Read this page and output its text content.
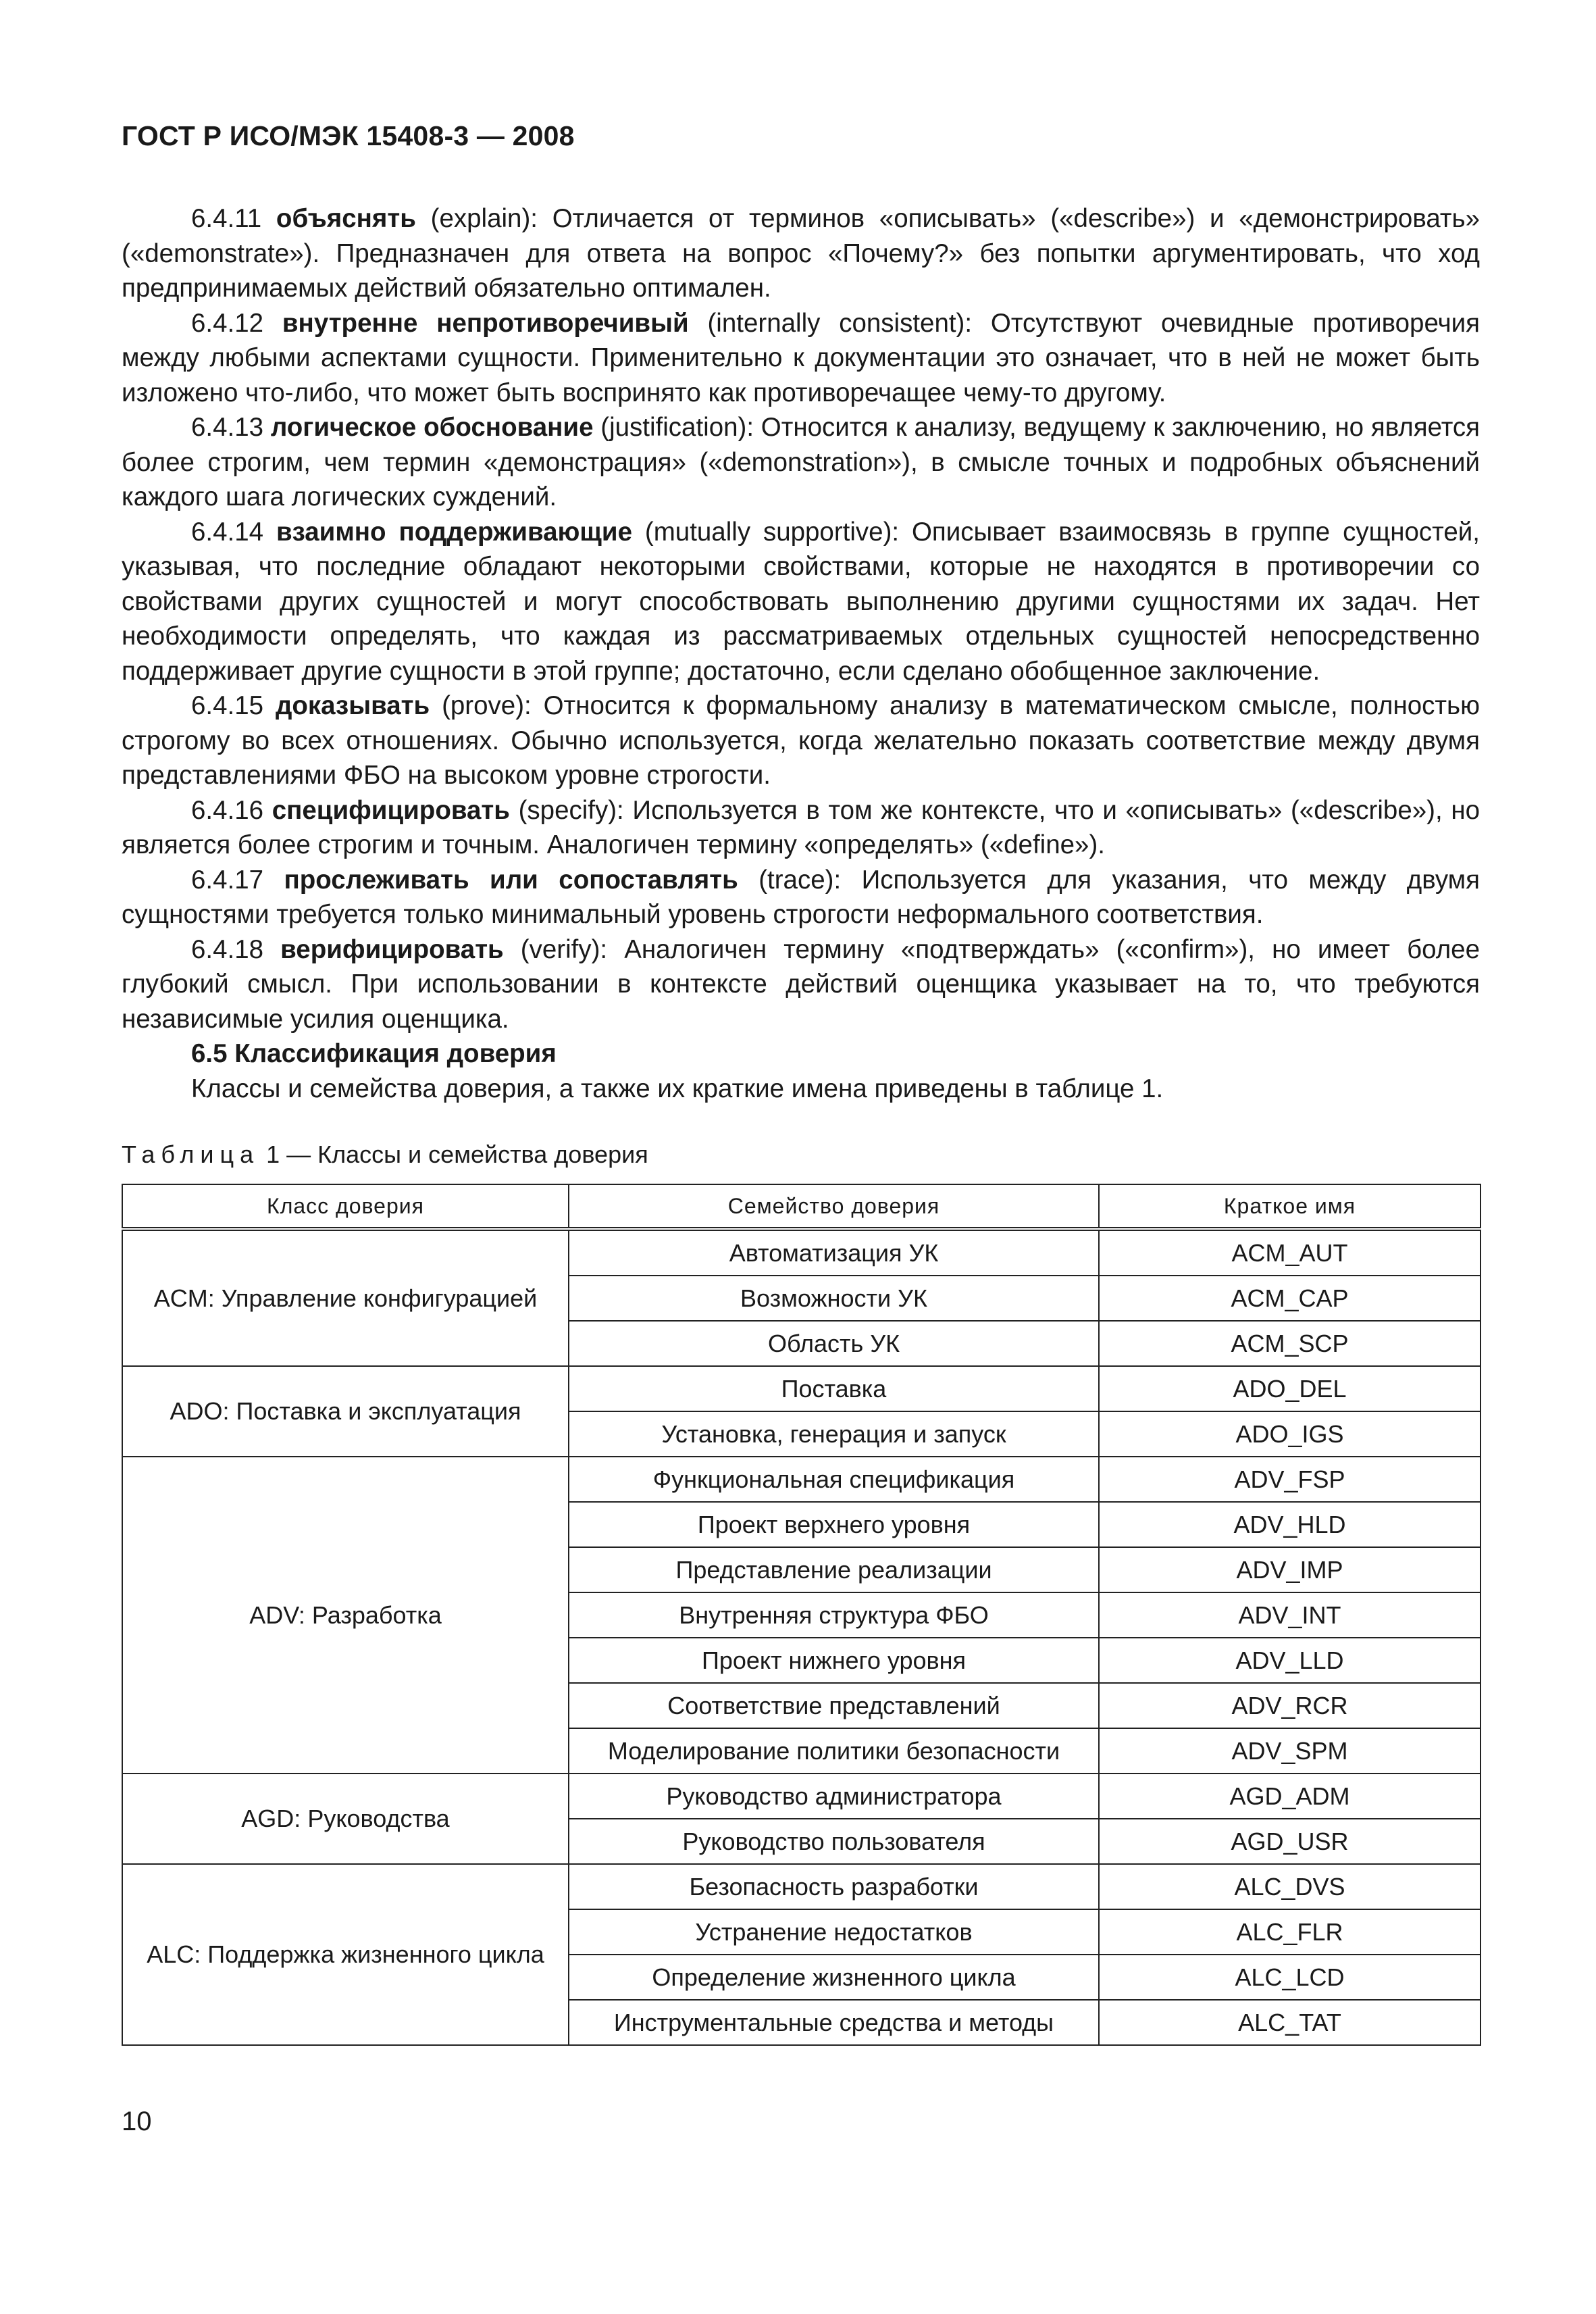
ГОСТ Р ИСО/МЭК 15408-3 — 2008

6.4.11 объяснять (explain): Отличается от терминов «описывать» («describe») и «демонстрировать» («demonstrate»). Предназначен для ответа на вопрос «Почему?» без попытки аргументировать, что ход предпринимаемых действий обязательно оптимален.

6.4.12 внутренне непротиворечивый (internally consistent): Отсутствуют очевидные противоречия между любыми аспектами сущности. Применительно к документации это означает, что в ней не может быть изложено что-либо, что может быть воспринято как противоречащее чему-то другому.

6.4.13 логическое обоснование (justification): Относится к анализу, ведущему к заключению, но является более строгим, чем термин «демонстрация» («demonstration»), в смысле точных и подробных объяснений каждого шага логических суждений.

6.4.14 взаимно поддерживающие (mutually supportive): Описывает взаимосвязь в группе сущностей, указывая, что последние обладают некоторыми свойствами, которые не находятся в противоречии со свойствами других сущностей и могут способствовать выполнению другими сущностями их задач. Нет необходимости определять, что каждая из рассматриваемых отдельных сущностей непосредственно поддерживает другие сущности в этой группе; достаточно, если сделано обобщенное заключение.

6.4.15 доказывать (prove): Относится к формальному анализу в математическом смысле, полностью строгому во всех отношениях. Обычно используется, когда желательно показать соответствие между двумя представлениями ФБО на высоком уровне строгости.

6.4.16 специфицировать (specify): Используется в том же контексте, что и «описывать» («describe»), но является более строгим и точным. Аналогичен термину «определять» («define»).

6.4.17 прослеживать или сопоставлять (trace): Используется для указания, что между двумя сущностями требуется только минимальный уровень строгости неформального соответствия.

6.4.18 верифицировать (verify): Аналогичен термину «подтверждать» («confirm»), но имеет более глубокий смысл. При использовании в контексте действий оценщика указывает на то, что требуются независимые усилия оценщика.

6.5 Классификация доверия

Классы и семейства доверия, а также их краткие имена приведены в таблице 1.

Таблица 1 — Классы и семейства доверия
Класс доверия	Семейство доверия	Краткое имя
ACM: Управление конфигурацией	Автоматизация УК	ACM_AUT
	Возможности УК	ACM_CAP
	Область УК	ACM_SCP
ADO: Поставка и эксплуатация	Поставка	ADO_DEL
	Установка, генерация и запуск	ADO_IGS
ADV: Разработка	Функциональная спецификация	ADV_FSP
	Проект верхнего уровня	ADV_HLD
	Представление реализации	ADV_IMP
	Внутренняя структура ФБО	ADV_INT
	Проект нижнего уровня	ADV_LLD
	Соответствие представлений	ADV_RCR
	Моделирование политики безопасности	ADV_SPM
AGD: Руководства	Руководство администратора	AGD_ADM
	Руководство пользователя	AGD_USR
ALC: Поддержка жизненного цикла	Безопасность разработки	ALC_DVS
	Устранение недостатков	ALC_FLR
	Определение жизненного цикла	ALC_LCD
	Инструментальные средства и методы	ALC_TAT
10
